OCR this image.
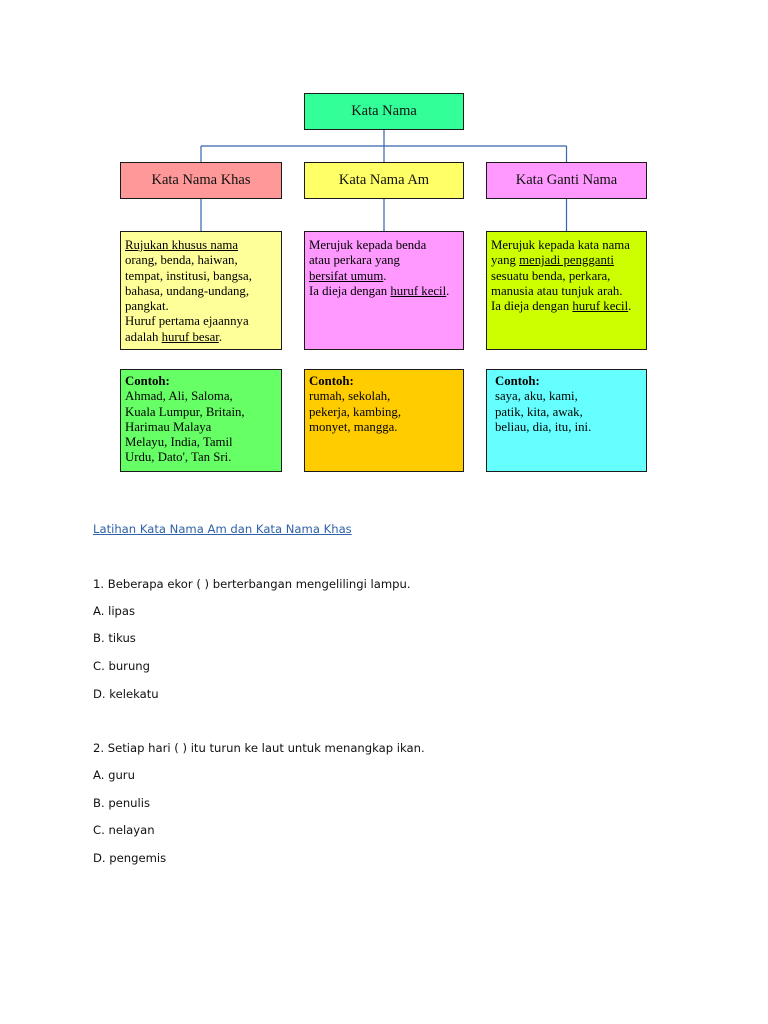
Kata Nama
Kata Nama Khas	Kata Nama Am	Kata Ganti Nama
Rujukan khusus nama
orang, benda, haiwan,
tempat, institusi, bangsa,
bahasa, undang-undang,
pangkat.
Huruf pertama ejaannya
adalah huruf besar.
Merujuk kepada benda
atau perkara yang
bersifat umum.
Ia dieja dengan huruf kecil.
Merujuk kepada kata nama
yang menjadi pengganti
sesuatu benda, perkara,
manusia atau tunjuk arah.
Ia dieja dengan huruf kecil.
Contoh:
Ahmad, Ali, Saloma,
Kuala Lumpur, Britain,
Harimau Malaya
Melayu, India, Tamil
Urdu, Dato', Tan Sri.
Contoh:
rumah, sekolah,
pekerja, kambing,
monyet, mangga.
Contoh:
saya, aku, kami,
patik, kita, awak,
beliau, dia, itu, ini.
Latihan Kata Nama Am dan Kata Nama Khas
1. Beberapa ekor ( ) berterbangan mengelilingi lampu.
A. lipas
B. tikus
C. burung
D. kelekatu
2. Setiap hari ( ) itu turun ke laut untuk menangkap ikan.
A. guru
B. penulis
C. nelayan
D. pengemis
